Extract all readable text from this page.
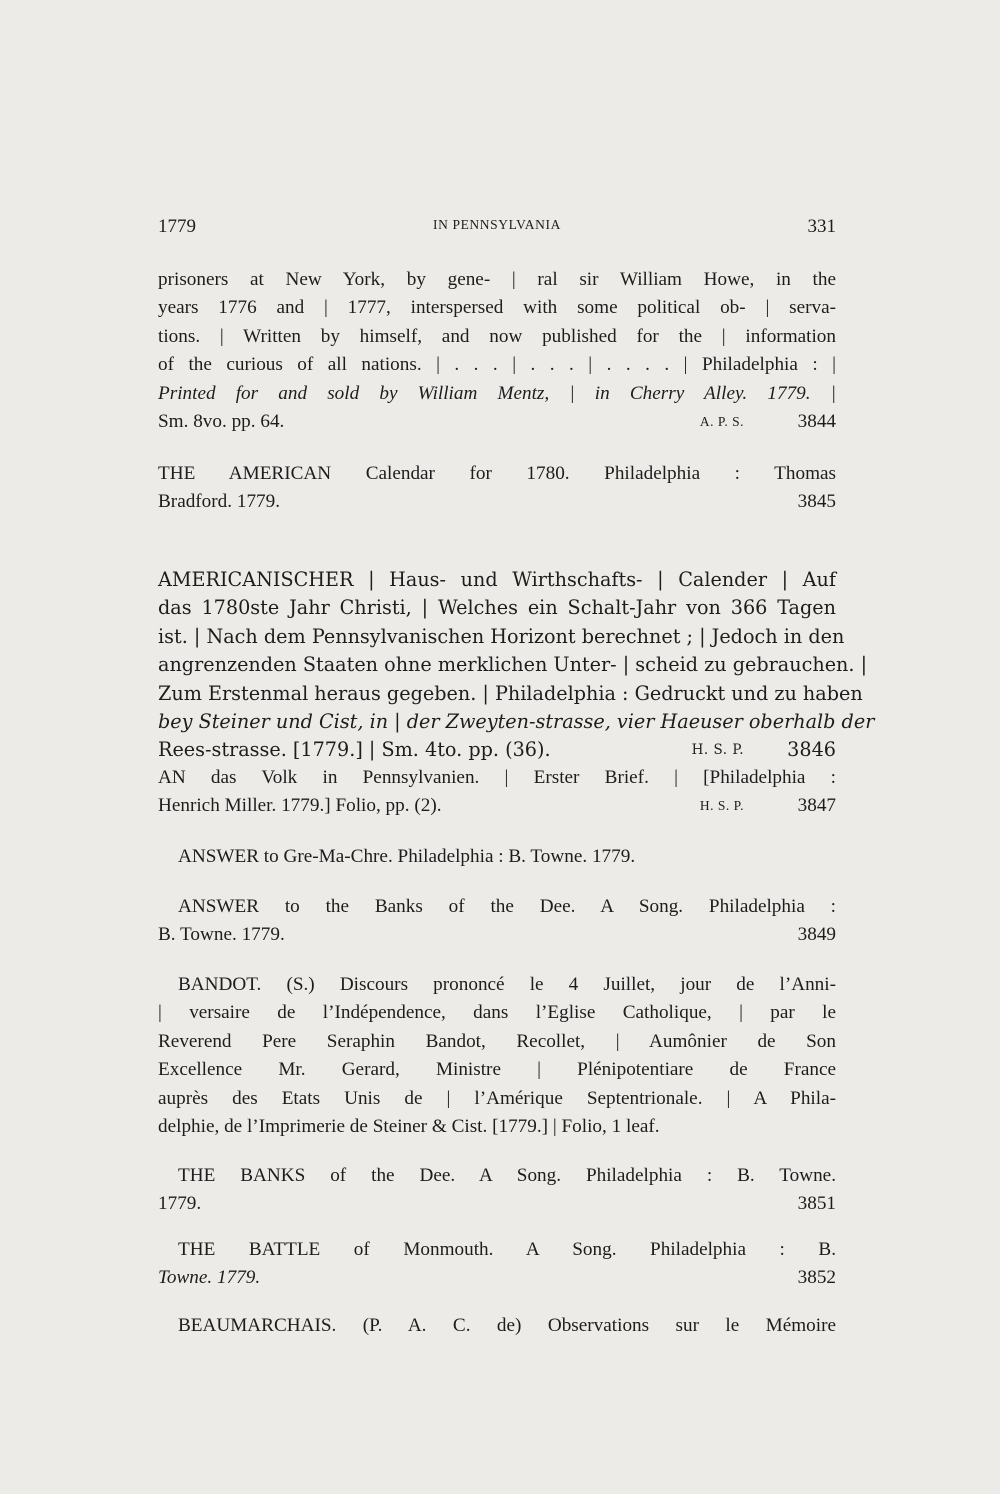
1779	IN PENNSYLVANIA	331
prisoners at New York, by gene- | ral sir William Howe, in the
years 1776 and | 1777, interspersed with some political ob- | serva-
tions. | Written by himself, and now published for the | information
of the curious of all nations. | . . . | . . . | . . . . | Philadelphia : |
Printed for and sold by William Mentz, | in Cherry Alley. 1779. |
Sm. 8vo. pp. 64.	A. P. S.	3844
THE AMERICAN Calendar for 1780. Philadelphia : Thomas
Bradford. 1779.	3845
AMERICANISCHER | Haus- und Wirthschafts- | Calender | Auf
das 1780ste Jahr Christi, | Welches ein Schalt-Jahr von 366 Tagen
ist. | Nach dem Pennsylvanischen Horizont berechnet ; | Jedoch in den
angrenzenden Staaten ohne merklichen Unter- | scheid zu gebrauchen. |
Zum Erstenmal heraus gegeben. | Philadelphia : Gedruckt und zu haben
bey Steiner und Cist, in | der Zweyten-strasse, vier Haeuser oberhalb der
Rees-strasse. [1779.] | Sm. 4to. pp. (36).	H. S. P. 3846
AN das Volk in Pennsylvanien. | Erster Brief. | [Philadelphia :
Henrich Miller. 1779.] Folio, pp. (2).	H. S. P.	3847
ANSWER to Gre-Ma-Chre. Philadelphia : B. Towne. 1779.
ANSWER to the Banks of the Dee. A Song. Philadelphia :
B. Towne. 1779.	3849
BANDOT. (S.) Discours prononcé le 4 Juillet, jour de l’Anni-
| versaire de l’Indépendence, dans l’Eglise Catholique, | par le
Reverend Pere Seraphin Bandot, Recollet, | Aumônier de Son
Excellence Mr. Gerard, Ministre | Plénipotentiare de France
auprès des Etats Unis de | l’Amérique Septentrionale. | A Phila-
delphie, de l’Imprimerie de Steiner & Cist. [1779.] | Folio, 1 leaf.
THE BANKS of the Dee. A Song. Philadelphia : B. Towne.
1779.	3851
THE BATTLE of Monmouth. A Song. Philadelphia : B.
Towne. 1779.	3852
BEAUMARCHAIS. (P. A. C. de) Observations sur le Mémoire
